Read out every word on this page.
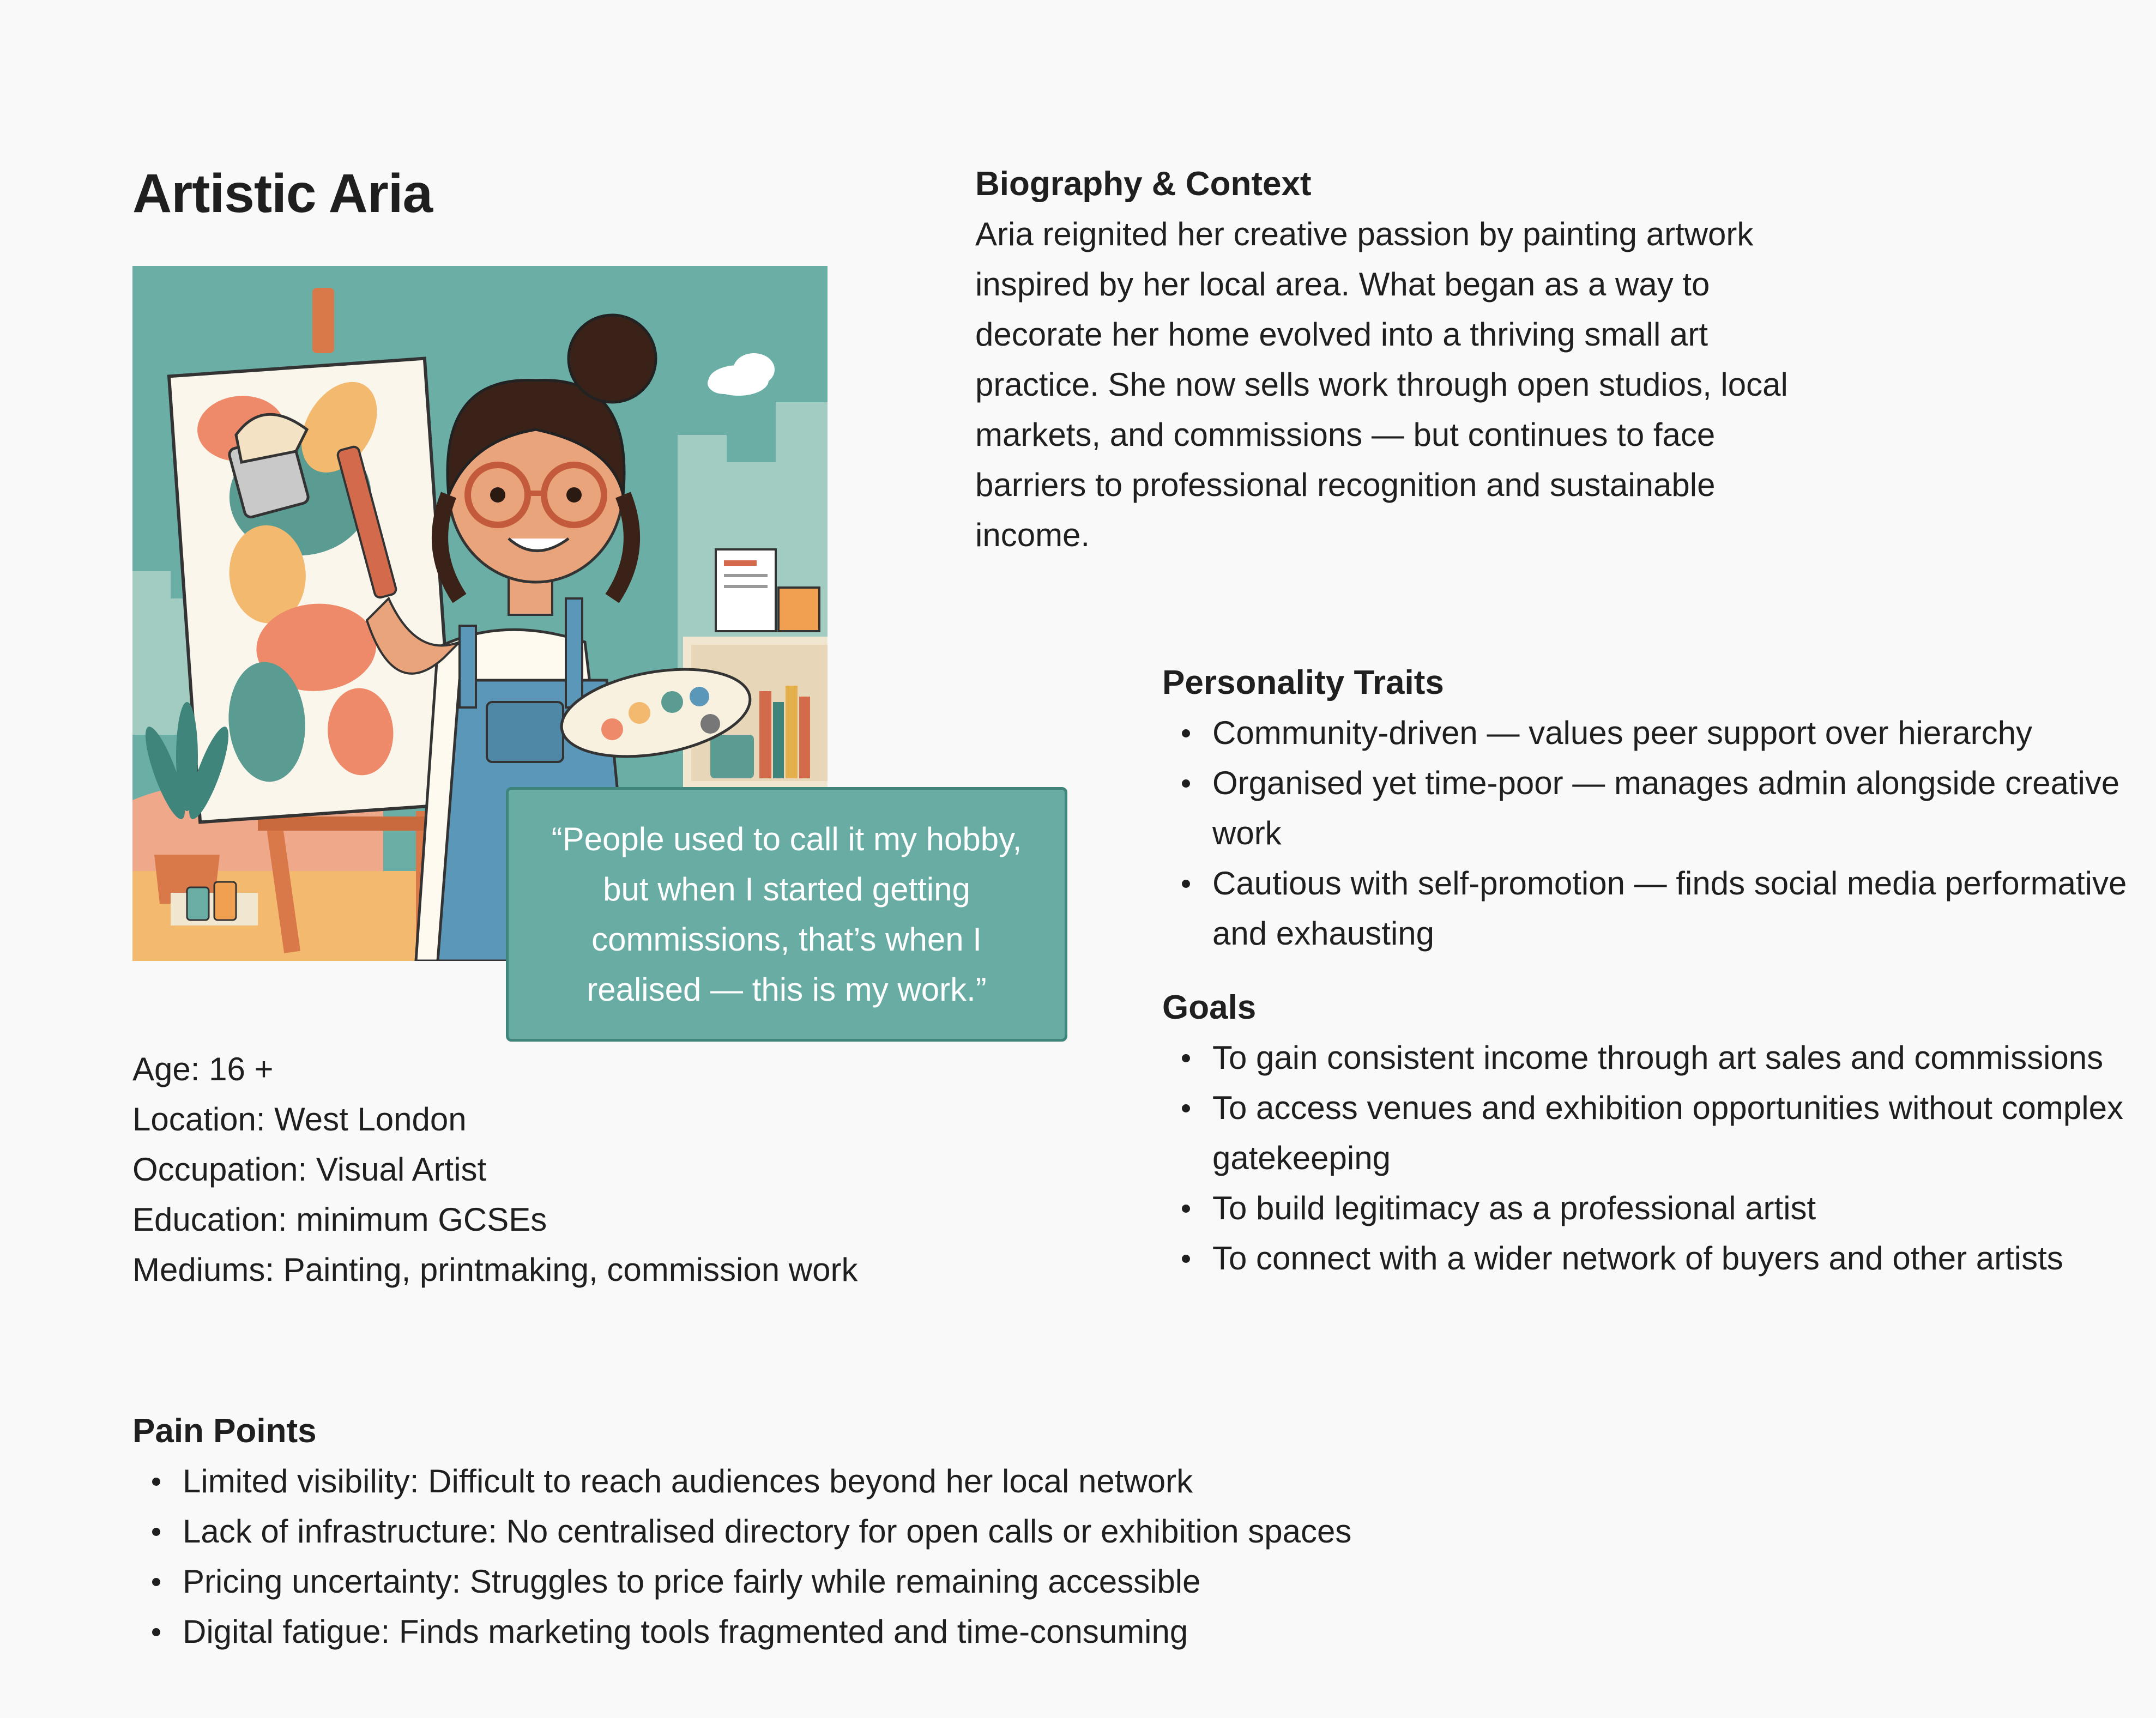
Artistic Aria
“People used to call it my hobby, but when I started getting commissions, that’s when I realised — this is my work.”
Biography & Context
Aria reignited her creative passion by painting artwork inspired by her local area. What began as a way to decorate her home evolved into a thriving small art practice. She now sells work through open studios, local markets, and commissions — but continues to face barriers to professional recognition and sustainable income.
Personality Traits
Community-driven — values peer support over hierarchy
Organised yet time-poor — manages admin alongside creative work
Cautious with self-promotion — finds social media performative and exhausting
Goals
To gain consistent income through art sales and commissions
To access venues and exhibition opportunities without complex gatekeeping
To build legitimacy as a professional artist
To connect with a wider network of buyers and other artists
Age: 16 +
Location: West London
Occupation: Visual Artist
Education: minimum GCSEs
Mediums: Painting, printmaking, commission work
Pain Points
Limited visibility: Difficult to reach audiences beyond her local network
Lack of infrastructure: No centralised directory for open calls or exhibition spaces
Pricing uncertainty: Struggles to price fairly while remaining accessible
Digital fatigue: Finds marketing tools fragmented and time-consuming
